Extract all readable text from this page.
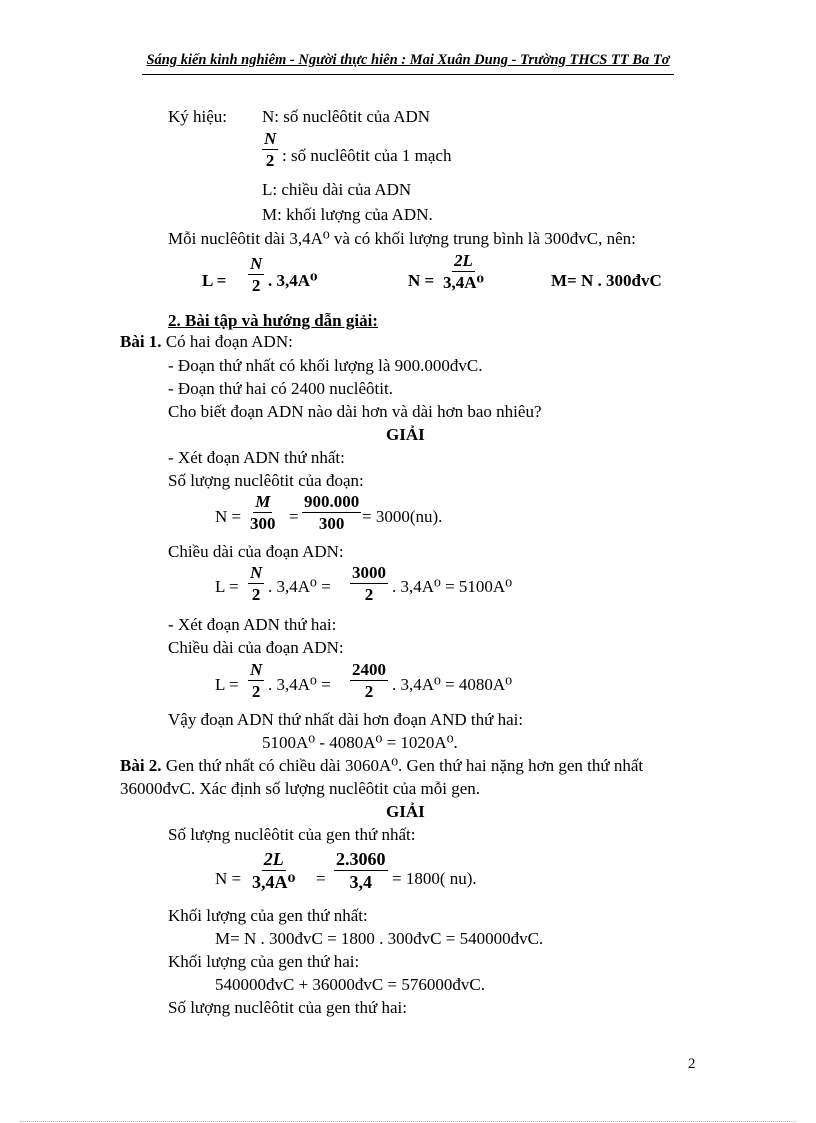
Sáng kiến kinh nghiêm - Người thực hiên : Mai Xuân Dung - Trường THCS TT Ba Tơ
Ký hiệu: N: số nuclêôtit của ADN
$\frac{N}{2}$ : số nuclêôtit của 1 mạch
L: chiều dài của ADN
M: khối lượng của ADN.
Mỗi nuclêôtit dài 3,4A⁰ và có khối lượng trung bình là 300đvC, nên:
$L = \frac{N}{2}$ . 3,4A⁰	$N = \frac{2L}{\text{3,4A⁰}}$	M= N . 300đvC
2. Bài tập và hướng dẫn giải:
Bài 1. Có hai đoạn ADN:
- Đoạn thứ nhất có khối lượng là 900.000đvC.
- Đoạn thứ hai có 2400 nuclêôtit.
Cho biết đoạn ADN nào dài hơn và dài hơn bao nhiêu?
GIẢI
- Xét đoạn ADN thứ nhất:
Số lượng nuclêôtit của đoạn:
$N = \frac{M}{300} = \frac{900.000}{300} = 3000(nu)$.
Chiều dài của đoạn ADN:
$L = \frac{N}{2}$ . $3,4A^0 = \frac{3000}{2}$ . 3,4A⁰ = 5100A⁰
- Xét đoạn ADN thứ hai:
Chiều dài của đoạn ADN:
$L = \frac{N}{2}$ . $3,4A^0 = \frac{2400}{2}$ . 3,4A⁰ = 4080A⁰
Vậy đoạn ADN thứ nhất dài hơn đoạn AND thứ hai:
5100A⁰ - 4080A⁰ = 1020A⁰.
Bài 2. Gen thứ nhất có chiều dài 3060A⁰. Gen thứ hai nặng hơn gen thứ nhất
36000đvC. Xác định số lượng nuclêôtit của mỗi gen.
GIẢI
Số lượng nuclêôtit của gen thứ nhất:
$N = \frac{2L}{\text{3,4A⁰}} = \frac{2.3060}{3,4} = 1800$( nu).
Khối lượng của gen thứ nhất:
M= N . 300đvC = 1800 . 300đvC = 540000đvC.
Khối lượng của gen thứ hai:
540000đvC + 36000đvC = 576000đvC.
Số lượng nuclêôtit của gen thứ hai:
2
